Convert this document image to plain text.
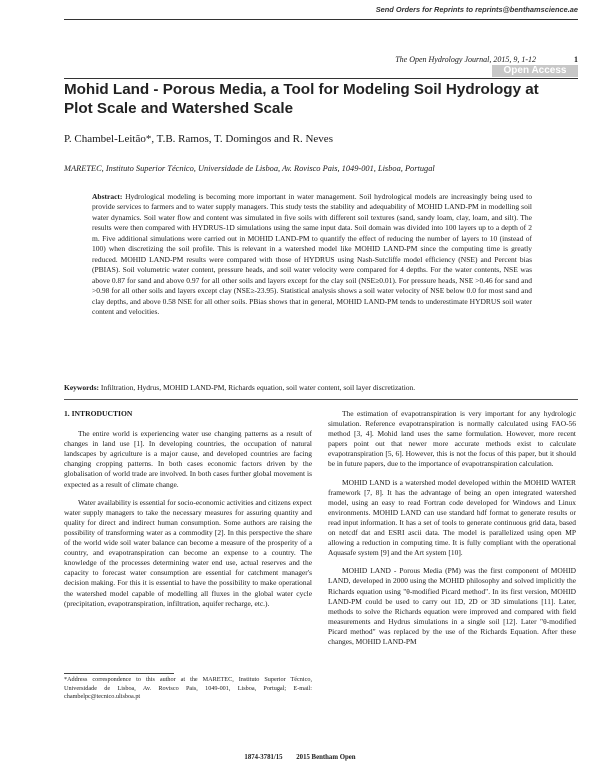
Send Orders for Reprints to reprints@benthamscience.ae
The Open Hydrology Journal, 2015, 9, 1-12	1
Open Access
Mohid Land - Porous Media, a Tool for Modeling Soil Hydrology at Plot Scale and Watershed Scale
P. Chambel-Leitão*, T.B. Ramos, T. Domingos and R. Neves
MARETEC, Instituto Superior Técnico, Universidade de Lisboa, Av. Rovisco Pais, 1049-001, Lisboa, Portugal
Abstract: Hydrological modeling is becoming more important in water management. Soil hydrological models are increasingly being used to provide services to farmers and to water supply managers. This study tests the stability and adequability of MOHID LAND-PM in modelling soil water dynamics. Soil water flow and content was simulated in five soils with different soil textures (sand, sandy loam, clay, loam, and silt). The results were then compared with HYDRUS-1D simulations using the same input data. Soil domain was divided into 100 layers up to a depth of 2 m. Five additional simulations were carried out in MOHID LAND-PM to quantify the effect of reducing the number of layers to 10 (instead of 100) when discretizing the soil profile. This is relevant in a watershed model like MOHID LAND-PM since the computing time is greatly reduced. MOHID LAND-PM results were compared with those of HYDRUS using Nash-Sutcliffe model efficiency (NSE) and Percent bias (PBIAS). Soil volumetric water content, pressure heads, and soil water velocity were compared for 4 depths. For the water contents, NSE was above 0.87 for sand and above 0.97 for all other soils and layers except for the clay soil (NSE≥0.01). For pressure heads, NSE >0.46 for sand and >0.98 for all other soils and layers except clay (NSE≥-23.95). Statistical analysis shows a soil water velocity of NSE below 0.0 for most sand and clay depths, and above 0.58 NSE for all other soils. PBias shows that in general, MOHID LAND-PM tends to underestimate HYDRUS soil water content and velocities.
Keywords: Infiltration, Hydrus, MOHID LAND-PM, Richards equation, soil water content, soil layer discretization.
1. INTRODUCTION

The entire world is experiencing water use changing patterns as a result of changes in land use [1]. In developing countries, the occupation of natural landscapes by agriculture is a major cause, and developed countries are facing changing cropping patterns. In both cases economic factors driven by the globalisation of world trade are involved. In both cases further global movement is expected as a result of climate change.

Water availability is essential for socio-economic activities and citizens expect water supply managers to take the necessary measures for assuring quantity and quality for direct and indirect human consumption. Some authors are raising the possibility of transforming water as a commodity [2]. In this perspective the share of the world wide soil water balance can become a measure of the prosperity of a country, and evapotranspiration can become an expense to a country. The knowledge of the processes determining water end use, actual reserves and the capacity to forecast water consumption are essential for catchment manager's decision making. For this it is essential to have the possibility to make operational the watershed model capable of modelling all fluxes in the global water cycle (precipitation, evapotranspiration, infiltration, aquifer recharge, etc.).

The estimation of evapotranspiration is very important for any hydrologic simulation. Reference evapotranspiration is normally calculated using FAO-56 method [3, 4]. Mohid land uses the same formulation. However, more recent papers point out that newer more accurate methods exist to calculate evapotranspiration [5, 6]. However, this is not the focus of this paper, but it should be in future papers, due to the importance of evapotranspiration calculation.

MOHID LAND is a watershed model developed within the MOHID WATER framework [7, 8]. It has the advantage of being an open integrated watershed model, using an easy to read Fortran code developed for Windows and Linux environments. MOHID LAND can use standard hdf format to generate results or read input information. It has a set of tools to generate continuous grid data, based on netcdf dat and ESRI ascii data. The model is parallelized using open MP allowing a reduction in computing time. It is fully compliant with the operational Aquasafe system [9] and the Art system [10].

MOHID LAND - Porous Media (PM) was the first component of MOHID LAND, developed in 2000 using the MOHID philosophy and solved implicitly the Richards equation using "θ-modified Picard method". In its first version, MOHID LAND-PM could be used to carry out 1D, 2D or 3D simulations [11]. Later, methods to solve the Richards equation were improved and compared with field measurements and Hydrus simulations in a single soil [12]. Later "θ-modified Picard method" was replaced by the use of the Richards Equation. After these changes, MOHID LAND-PM

*Address correspondence to this author at the MARETEC, Instituto Superior Técnico, Universidade de Lisboa, Av. Rovisco Pais, 1049-001, Lisboa, Portugal; E-mail: chambelpc@tecnico.ulisboa.pt
1874-3781/15 2015 Bentham Open
